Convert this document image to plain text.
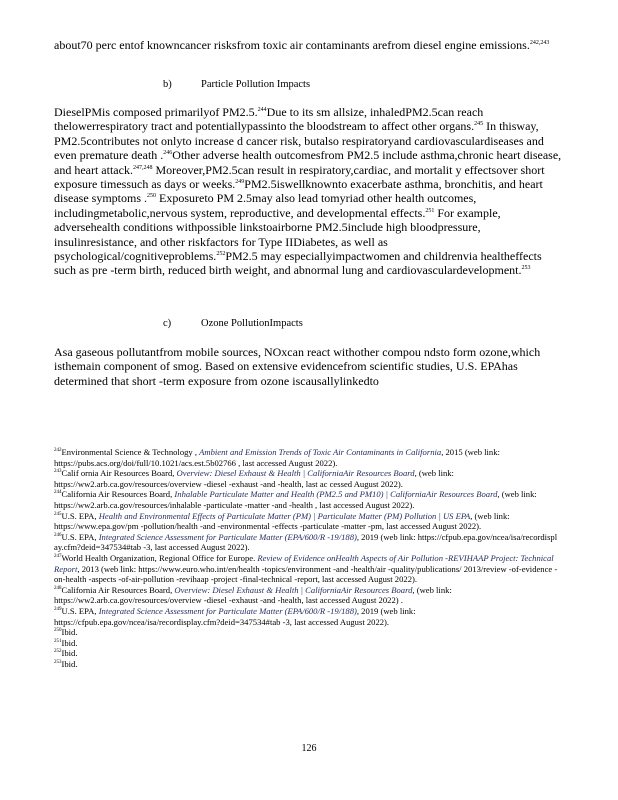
about70 perc entof knowncancer risksfrom toxic air contaminants arefrom diesel engine emissions.$^{242,243}$

b)	Particle Pollution Impacts

DieselPMis composed primarilyof PM2.5.$^{244}$Due to its sm allsize, inhaledPM2.5can reach thelowerrespiratory tract and potentiallypassinto the bloodstream to affect other organs.$^{245}$ In thisway, PM2.5contributes not onlyto increase d cancer risk, butalso respiratoryand cardiovasculardiseases and even premature death .$^{246}$Other adverse health outcomesfrom PM2.5 include asthma,chronic heart disease, and heart attack.$^{247,248}$ Moreover,PM2.5can result in respiratory,cardiac, and mortalit y effectsover short exposure timessuch as days or weeks.$^{249}$PM2.5iswellknownto exacerbate asthma, bronchitis, and heart disease symptoms .$^{250}$ Exposureto PM 2.5may also lead tomyriad other health outcomes, includingmetabolic,nervous system, reproductive, and developmental effects.$^{251}$ For example, adversehealth conditions withpossible linkstoairborne PM2.5include high bloodpressure, insulinresistance, and other riskfactors for Type IIDiabetes, as well as psychological/cognitiveproblems.$^{252}$PM2.5 may especiallyimpactwomen and childrenvia healtheffects such as pre -term birth, reduced birth weight, and abnormal lung and cardiovasculardevelopment.$^{253}$

c)	Ozone PollutionImpacts

Asa gaseous pollutantfrom mobile sources, NOxcan react withother compou ndsto form ozone,which isthemain component of smog. Based on extensive evidencefrom scientific studies, U.S. EPAhas determined that short -term exposure from ozone iscausallylinkedto

$^{242}$Environmental Science & Technology , Ambient and Emission Trends of Toxic Air Contaminants in California, 2015 (web link: https://pubs.acs.org/doi/full/10.1021/acs.est.5b02766 , last accessed August 2022).

$^{243}$Calif ornia Air Resources Board, Overview: Diesel Exhaust & Health | CaliforniaAir Resources Board, (web link: https://ww2.arb.ca.gov/resources/overview -diesel -exhaust -and -health, last ac cessed August 2022).

$^{244}$California Air Resources Board, Inhalable Particulate Matter and Health (PM2.5 and PM10) | CaliforniaAir Resources Board, (web link: https://ww2.arb.ca.gov/resources/inhalable -particulate -matter -and -health , last accessed August 2022).

$^{245}$U.S. EPA, Health and Environmental Effects of Particulate Matter (PM) | Particulate Matter (PM) Pollution | US EPA, (web link: https://www.epa.gov/pm -pollution/health -and -environmental -effects -particulate -matter -pm, last accessed August 2022).

$^{246}$U.S. EPA, Integrated Science Assessment for Particulate Matter (EPA/600/R -19/188), 2019 (web link: https://cfpub.epa.gov/ncea/isa/recordispl ay.cfm?deid=347534#tab -3, last accessed August 2022).

$^{247}$World Health Organization, Regional Office for Europe. Review of Evidence onHealth Aspects of Air Pollution -REVIHAAP Project: Technical Report, 2013 (web link: https://www.euro.who.int/en/health -topics/environment -and -health/air -quality/publications/ 2013/review -of-evidence -on-health -aspects -of-air-pollution -revihaap -project -final-technical -report, last accessed August 2022).

$^{248}$California Air Resources Board, Overview: Diesel Exhaust & Health | CaliforniaAir Resources Board, (web link: https://ww2.arb.ca.gov/resources/overview -diesel -exhaust -and -health, last accessed August 2022) .

$^{249}$U.S. EPA, Integrated Science Assessment for Particulate Matter (EPA/600/R -19/188), 2019 (web link: https://cfpub.epa.gov/ncea/isa/recordisplay.cfm?deid=347534#tab -3, last accessed August 2022).

$^{250}$Ibid.

$^{251}$Ibid.

$^{252}$Ibid.

$^{253}$Ibid.

126
